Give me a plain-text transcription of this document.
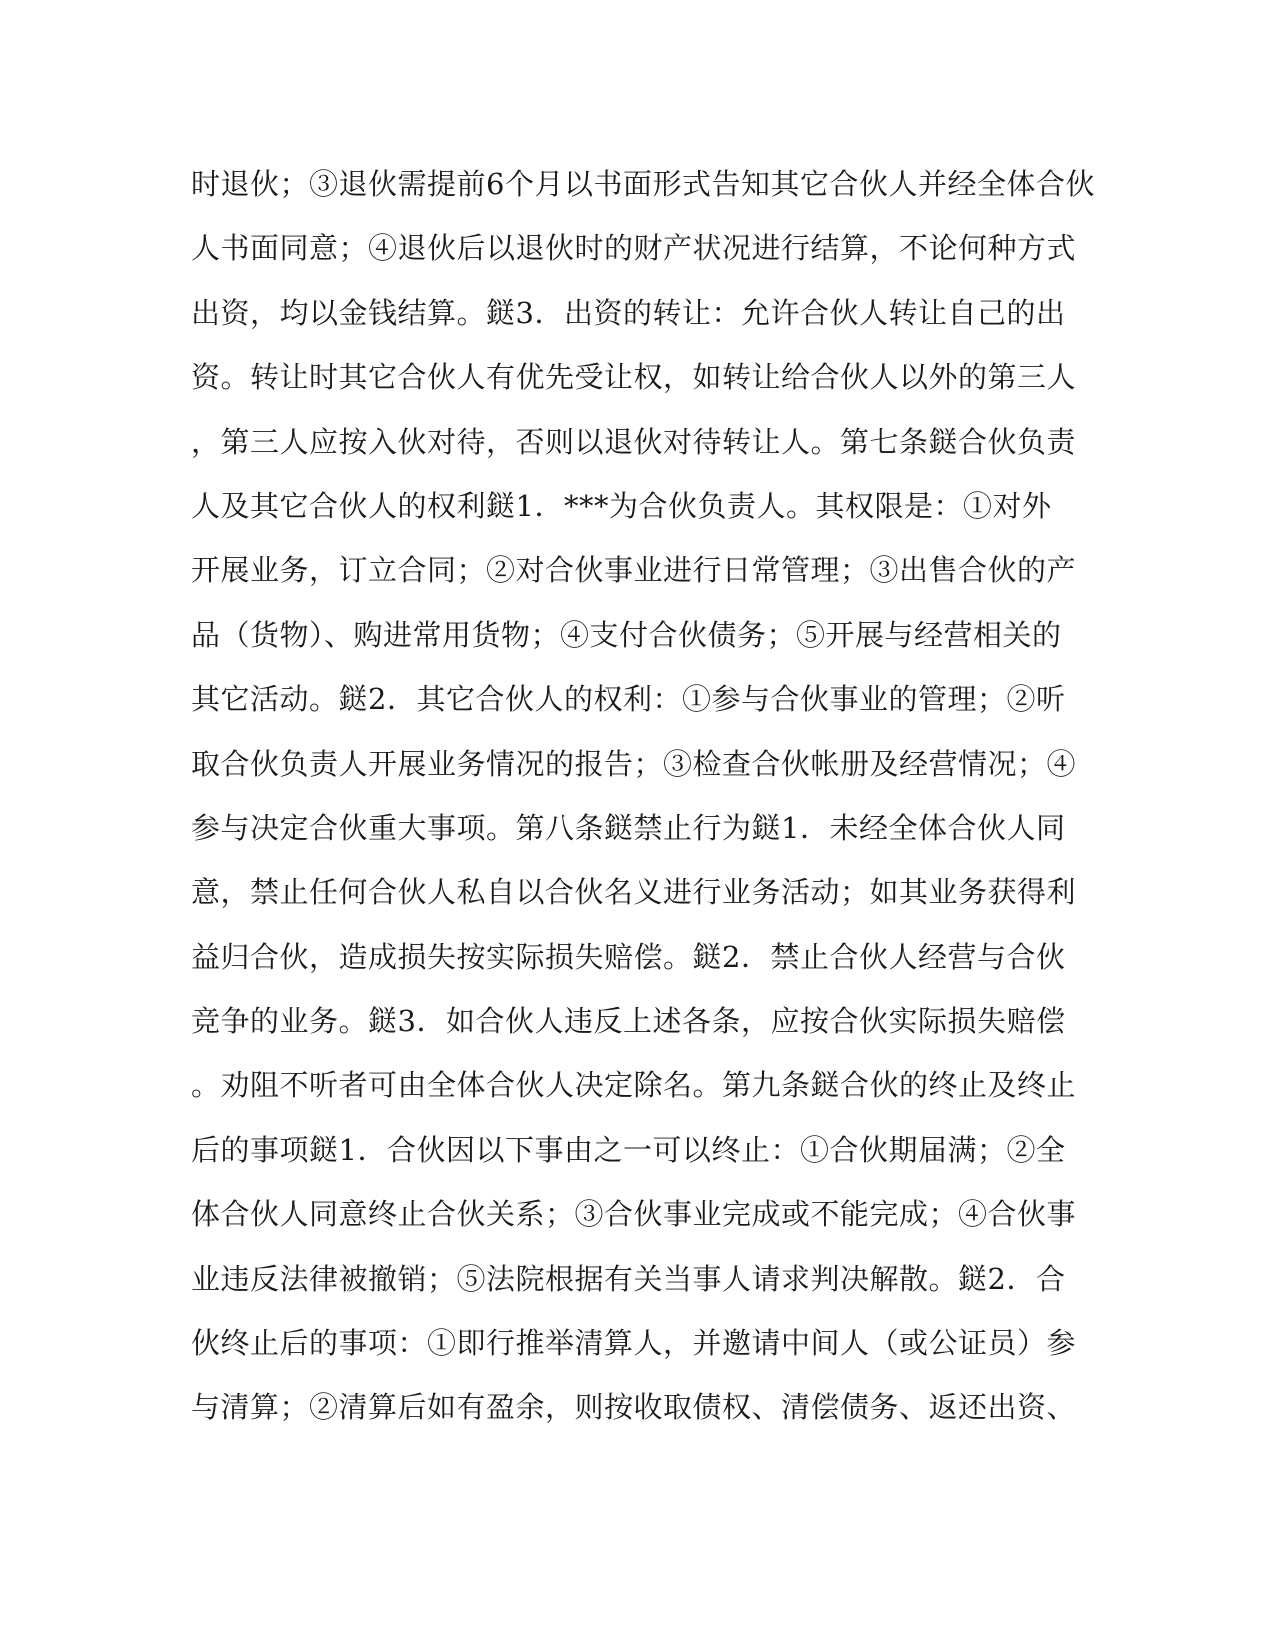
时退伙；③退伙需提前6个月以书面形式告知其它合伙人并经全体合伙
人书面同意；④退伙后以退伙时的财产状况进行结算，不论何种方式
出资，均以金钱结算。鎹3．出资的转让：允许合伙人转让自己的出
资。转让时其它合伙人有优先受让权，如转让给合伙人以外的第三人
，第三人应按入伙对待，否则以退伙对待转让人。第七条鎹合伙负责
人及其它合伙人的权利鎹1．***为合伙负责人。其权限是：①对外
开展业务，订立合同；②对合伙事业进行日常管理；③出售合伙的产
品（货物）、购进常用货物；④支付合伙债务；⑤开展与经营相关的
其它活动。鎹2．其它合伙人的权利：①参与合伙事业的管理；②听
取合伙负责人开展业务情况的报告；③检查合伙帐册及经营情况；④
参与决定合伙重大事项。第八条鎹禁止行为鎹1．未经全体合伙人同
意，禁止任何合伙人私自以合伙名义进行业务活动；如其业务获得利
益归合伙，造成损失按实际损失赔偿。鎹2．禁止合伙人经营与合伙
竞争的业务。鎹3．如合伙人违反上述各条，应按合伙实际损失赔偿
。劝阻不听者可由全体合伙人决定除名。第九条鎹合伙的终止及终止
后的事项鎹1．合伙因以下事由之一可以终止：①合伙期届满；②全
体合伙人同意终止合伙关系；③合伙事业完成或不能完成；④合伙事
业违反法律被撤销；⑤法院根据有关当事人请求判决解散。鎹2．合
伙终止后的事项：①即行推举清算人，并邀请中间人（或公证员）参
与清算；②清算后如有盈余，则按收取债权、清偿债务、返还出资、
